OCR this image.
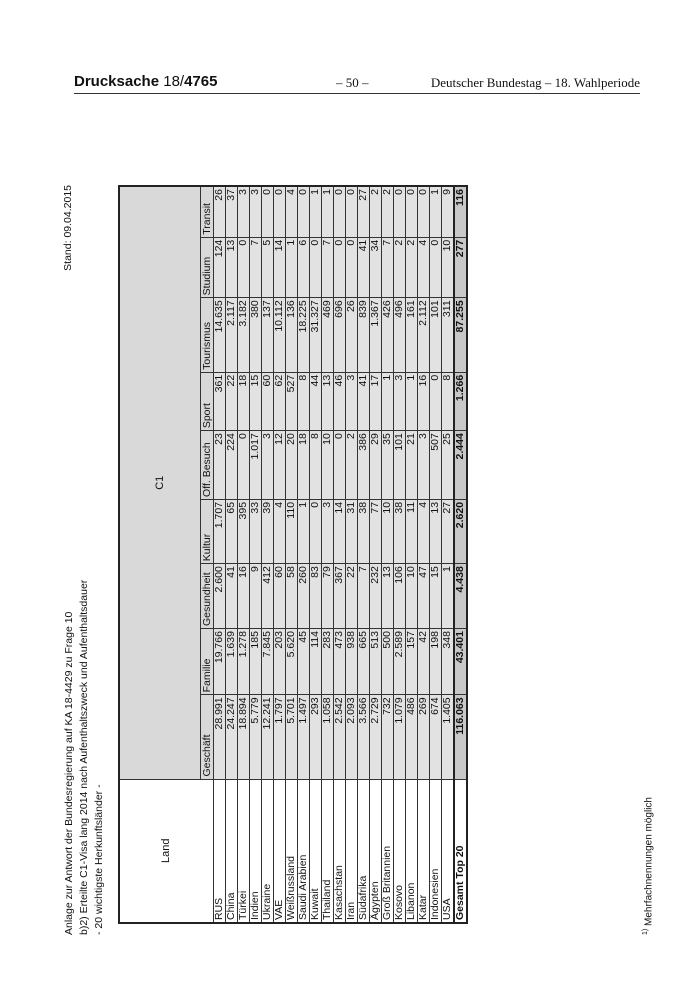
Drucksache 18/4765	– 50 –	Deutscher Bundestag – 18. Wahlperiode
Anlage zur Antwort der Bundesregierung auf KA 18-4429 zu Frage 10 b)2) Erteilte C1-Visa lang 2014 nach Aufenthaltszweck und Aufenthaltsdauer - 20 wichtigste Herkunftsländer -
Stand: 09.04.2015
Land	C1								
	Geschäft	Familie	Gesundheit	Kultur	Off. Besuch	Sport	Tourismus	Studium	Transit
RUS	28.991	19.766	2.600	1.707	23	361	14.635	124	26
China	24.247	1.639	41	65	224	22	2.117	13	37
Türkei	18.894	1.278	16	395	0	18	3.182	0	3
Indien	5.779	185	9	33	1.017	15	380	7	3
Ukraine	12.241	7.845	412	39	3	60	137	5	0
VAE	1.797	203	60	4	12	62	10.112	14	0
Weißrussland	5.701	5.620	58	110	20	527	136	1	4
Saudi Arabien	1.497	45	260	1	18	8	18.225	6	0
Kuwait	293	114	83	0	8	44	31.327	0	1
Thailand	1.058	283	79	3	10	13	469	7	1
Kasachstan	2.542	473	367	14	0	46	696	0	0
Iran	2.093	938	22	31	2	3	26	0	0
Südafrika	3.566	665	7	38	386	41	839	41	27
Ägypten	2.729	513	232	77	29	17	1.367	34	2
Groß Britannien	732	500	13	10	35	1	426	7	2
Kosovo	1.079	2.589	106	38	101	3	496	2	0
Libanon	486	157	10	11	21	1	161	2	0
Katar	269	42	47	4	3	16	2.112	4	0
Indonesien	674	198	15	13	507	0	101	0	1
USA	1.405	348	1	27	25	8	311	10	9
Gesamt Top 20	116.063	43.401	4.438	2.620	2.444	1.266	87.255	277	116
$^{1)}$ Mehrfachnennungen möglich
